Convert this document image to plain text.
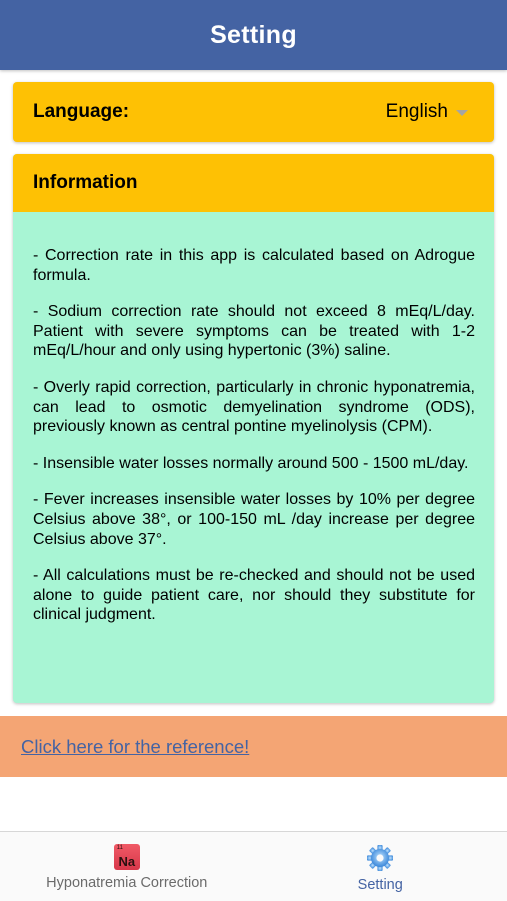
Setting
Language:	English
Information

- Correction rate in this app is calculated based on Adrogue formula.

- Sodium correction rate should not exceed 8 mEq/L/day. Patient with severe symptoms can be treated with 1-2 mEq/L/hour and only using hypertonic (3%) saline.

- Overly rapid correction, particularly in chronic hyponatremia, can lead to osmotic demyelination syndrome (ODS), previously known as central pontine myelinolysis (CPM).

- Insensible water losses normally around 500 - 1500 mL/day.

- Fever increases insensible water losses by 10% per degree Celsius above 38°, or 100-150 mL /day increase per degree Celsius above 37°.

- All calculations must be re-checked and should not be used alone to guide patient care, nor should they substitute for clinical judgment.

Click here for the reference!
11
Na
Hyponatremia Correction	Setting
